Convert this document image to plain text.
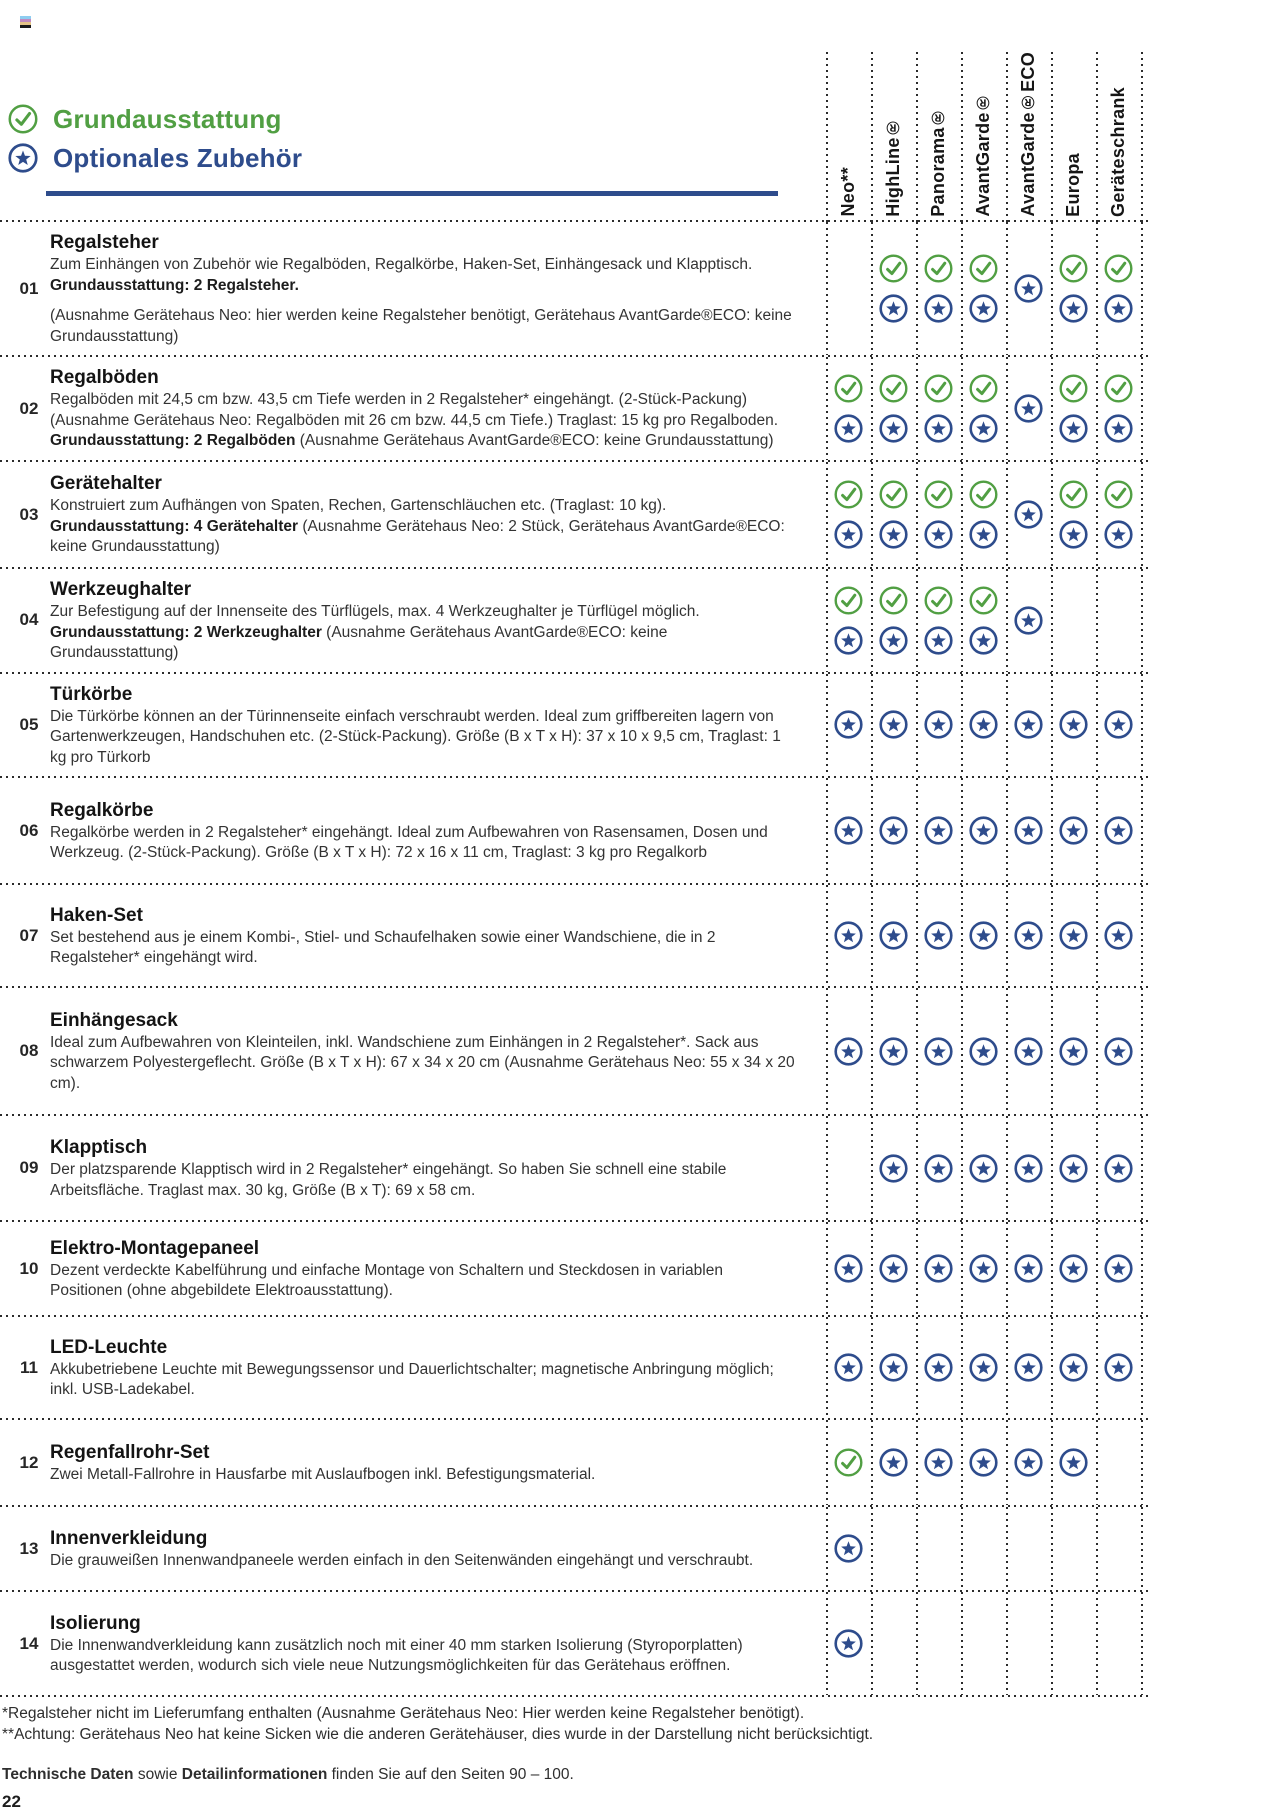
Grundausstattung
Optionales Zubehör
Neo** HighLine® Panorama® AvantGarde® AvantGarde®ECO Europa Geräteschrank
01
Regalsteher

Zum Einhängen von Zubehör wie Regalböden, Regalkörbe, Haken-Set, Einhängesack und Klapptisch.

Grundausstattung: 2 Regalsteher.

(Ausnahme Gerätehaus Neo: hier werden keine Regalsteher benötigt, Gerätehaus AvantGarde®ECO: keine Grundausstattung)

02
Regalböden

Regalböden mit 24,5 cm bzw. 43,5 cm Tiefe werden in 2 Regalsteher* eingehängt. (2-Stück-Packung) (Ausnahme Gerätehaus Neo: Regalböden mit 26 cm bzw. 44,5 cm Tiefe.) Traglast: 15 kg pro Regalboden.

Grundausstattung: 2 Regalböden (Ausnahme Gerätehaus AvantGarde®ECO: keine Grundausstattung)

03
Gerätehalter

Konstruiert zum Aufhängen von Spaten, Rechen, Gartenschläuchen etc. (Traglast: 10 kg).

Grundausstattung: 4 Gerätehalter (Ausnahme Gerätehaus Neo: 2 Stück, Gerätehaus AvantGarde®ECO: keine Grundausstattung)

04
Werkzeughalter

Zur Befestigung auf der Innenseite des Türflügels, max. 4 Werkzeughalter je Türflügel möglich.

Grundausstattung: 2 Werkzeughalter (Ausnahme Gerätehaus AvantGarde®ECO: keine Grundausstattung)

05
Türkörbe

Die Türkörbe können an der Türinnenseite einfach verschraubt werden. Ideal zum griffbereiten lagern von Gartenwerkzeugen, Handschuhen etc. (2-Stück-Packung). Größe (B x T x H): 37 x 10 x 9,5 cm, Traglast: 1 kg pro Türkorb

06
Regalkörbe

Regalkörbe werden in 2 Regalsteher* eingehängt. Ideal zum Aufbewahren von Rasensamen, Dosen und Werkzeug. (2-Stück-Packung). Größe (B x T x H): 72 x 16 x 11 cm, Traglast: 3 kg pro Regalkorb

07
Haken-Set

Set bestehend aus je einem Kombi-, Stiel- und Schaufelhaken sowie einer Wandschiene, die in 2 Regalsteher* eingehängt wird.

08
Einhängesack

Ideal zum Aufbewahren von Kleinteilen, inkl. Wandschiene zum Einhängen in 2 Regalsteher*. Sack aus schwarzem Polyestergeflecht. Größe (B x T x H): 67 x 34 x 20 cm (Ausnahme Gerätehaus Neo: 55 x 34 x 20 cm).

09
Klapptisch

Der platzsparende Klapptisch wird in 2 Regalsteher* eingehängt. So haben Sie schnell eine stabile Arbeitsfläche. Traglast max. 30 kg, Größe (B x T): 69 x 58 cm.

10
Elektro-Montagepaneel

Dezent verdeckte Kabelführung und einfache Montage von Schaltern und Steckdosen in variablen Positionen (ohne abgebildete Elektroausstattung).

11
LED-Leuchte

Akkubetriebene Leuchte mit Bewegungssensor und Dauerlichtschalter; magnetische Anbringung möglich; inkl. USB-Ladekabel.

12 Regenfallrohr-Set

Zwei Metall-Fallrohre in Hausfarbe mit Auslaufbogen inkl. Befestigungsmaterial.

13 Innenverkleidung

Die grauweißen Innenwandpaneele werden einfach in den Seitenwänden eingehängt und verschraubt.

14
Isolierung

Die Innenwandverkleidung kann zusätzlich noch mit einer 40 mm starken Isolierung (Styroporplatten) ausgestattet werden, wodurch sich viele neue Nutzungsmöglichkeiten für das Gerätehaus eröffnen.

*Regalsteher nicht im Lieferumfang enthalten (Ausnahme Gerätehaus Neo: Hier werden keine Regalsteher benötigt).

**Achtung: Gerätehaus Neo hat keine Sicken wie die anderen Gerätehäuser, dies wurde in der Darstellung nicht berücksichtigt.

Technische Daten sowie Detailinformationen finden Sie auf den Seiten 90 – 100.
22
